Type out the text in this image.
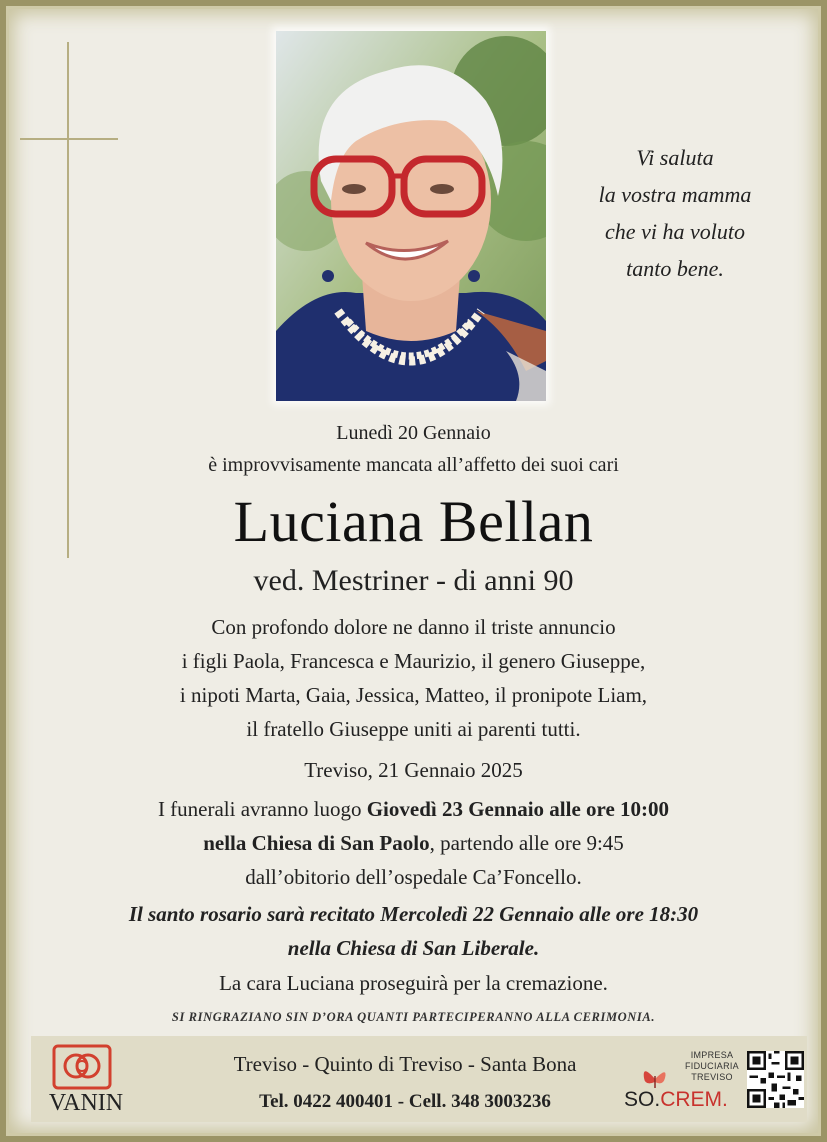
Vi saluta
la vostra mamma
che vi ha voluto
tanto bene.
Lunedì 20 Gennaio
è improvvisamente mancata all’affetto dei suoi cari
Luciana Bellan
ved. Mestriner - di anni 90
Con profondo dolore ne danno il triste annuncio
i figli Paola, Francesca e Maurizio, il genero Giuseppe,
i nipoti Marta, Gaia, Jessica, Matteo, il pronipote Liam,
il fratello Giuseppe uniti ai parenti tutti.
Treviso, 21 Gennaio 2025
I funerali avranno luogo Giovedì 23 Gennaio alle ore 10:00
nella Chiesa di San Paolo, partendo alle ore 9:45
dall’obitorio dell’ospedale Ca’Foncello.
Il santo rosario sarà recitato Mercoledì 22 Gennaio alle ore 18:30
nella Chiesa di San Liberale.
La cara Luciana proseguirà per la cremazione.
SI RINGRAZIANO SIN D’ORA QUANTI PARTECIPERANNO ALLA CERIMONIA.
VANIN
Treviso - Quinto di Treviso - Santa Bona
Tel. 0422 400401 - Cell. 348 3003236
IMPRESA
FIDUCIARIA
TREVISO
SO.CREM.
